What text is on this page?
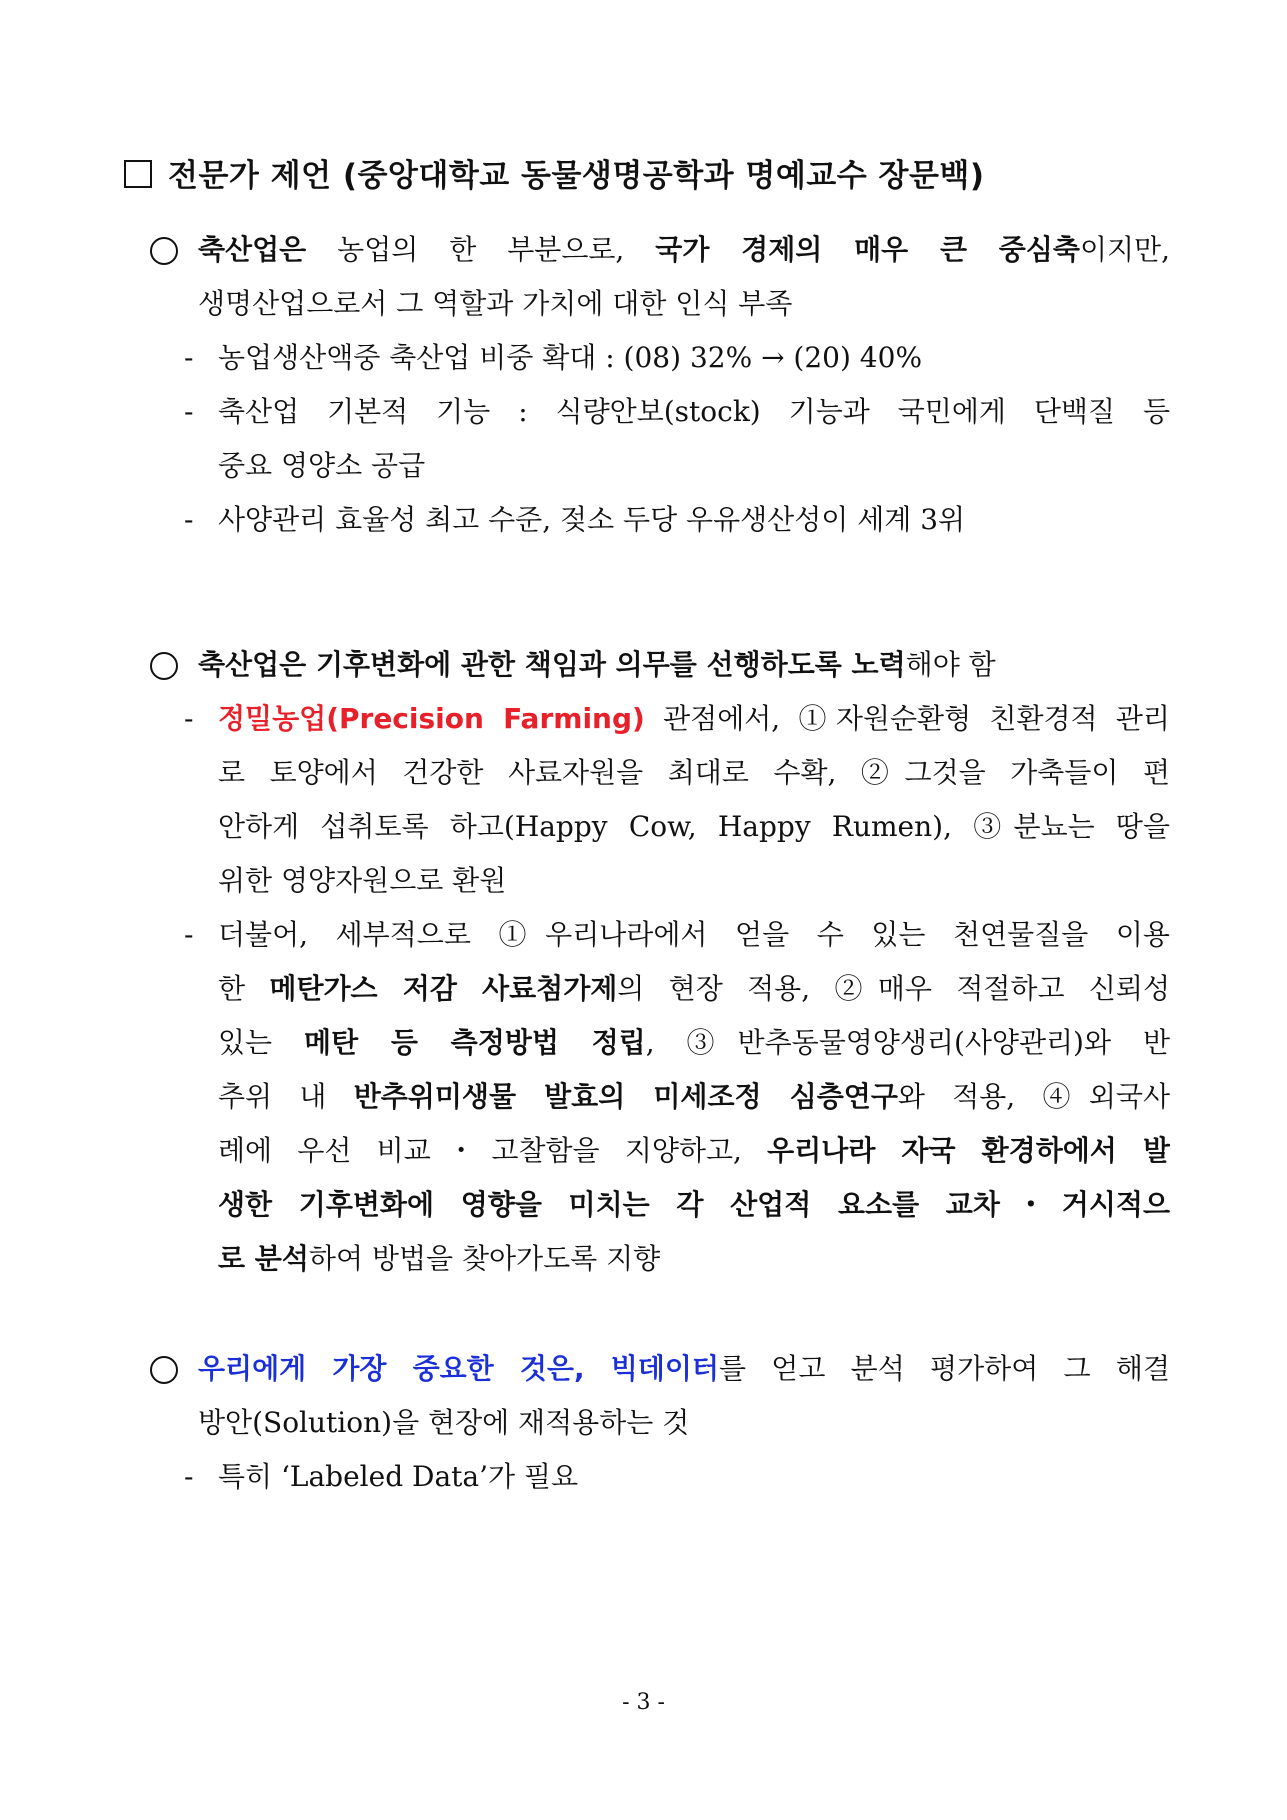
전문가 제언 (중앙대학교 동물생명공학과 명예교수 장문백)
축산업은 농업의 한 부분으로, 국가 경제의 매우 큰 중심축이지만,
생명산업으로서 그 역할과 가치에 대한 인식 부족
- 농업생산액중 축산업 비중 확대 : (08) 32% → (20) 40%
- 축산업 기본적 기능 : 식량안보(stock) 기능과 국민에게 단백질 등
중요 영양소 공급
- 사양관리 효율성 최고 수준, 젖소 두당 우유생산성이 세계 3위
축산업은 기후변화에 관한 책임과 의무를 선행하도록 노력해야 함
- 정밀농업(Precision Farming) 관점에서, ①자원순환형 친환경적 관리
로 토양에서 건강한 사료자원을 최대로 수확, ②그것을 가축들이 편
안하게 섭취토록 하고(Happy Cow, Happy Rumen), ③분뇨는 땅을
위한 영양자원으로 환원
- 더불어, 세부적으로 ①우리나라에서 얻을 수 있는 천연물질을 이용
한 메탄가스 저감 사료첨가제의 현장 적용, ②매우 적절하고 신뢰성
있는 메탄 등 측정방법 정립, ③반추동물영양생리(사양관리)와 반
추위 내 반추위미생물 발효의 미세조정 심층연구와 적용, ④외국사
례에 우선 비교・고찰함을 지양하고, 우리나라 자국 환경하에서 발
생한 기후변화에 영향을 미치는 각 산업적 요소를 교차・거시적으
로 분석하여 방법을 찾아가도록 지향
우리에게 가장 중요한 것은, 빅데이터를 얻고 분석 평가하여 그 해결
방안(Solution)을 현장에 재적용하는 것
- 특히 ‘Labeled Data’가 필요
- 3 -
